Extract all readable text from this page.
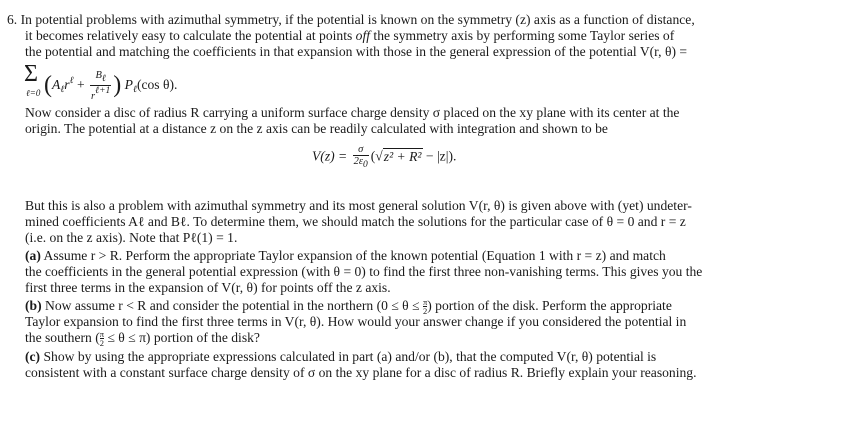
6. In potential problems with azimuthal symmetry, if the potential is known on the symmetry (z) axis as a function of distance,
it becomes relatively easy to calculate the potential at points off the symmetry axis by performing some Taylor series of
the potential and matching the coefficients in that expansion with those in the general expression of the potential V(r, θ) =
Σ
ℓ=0 ($A_\ell r^\ell + \frac{\text{Bℓ}}{\text{rℓ+1}}$ ) $P_\ell(\cos$ θ).
Now consider a disc of radius R carrying a uniform surface charge density σ placed on the xy plane with its center at the
origin. The potential at a distance z on the z axis can be readily calculated with integration and shown to be
$V(z) = \frac{\sigma}{2\varepsilon 0} (√z^2 + R^2 - |z|)$.
But this is also a problem with azimuthal symmetry and its most general solution V(r, θ) is given above with (yet) undeter-
mined coefficients Aℓ and Bℓ. To determine them, we should match the solutions for the particular case of θ = 0 and r = z
(i.e. on the z axis). Note that Pℓ(1) = 1.
(a) Assume r > R. Perform the appropriate Taylor expansion of the known potential (Equation 1 with r = z) and match
the coefficients in the general potential expression (with θ = 0) to find the first three non-vanishing terms. This gives you the
first three terms in the expansion of V(r, θ) for points off the z axis.
(b) Now assume r < R and consider the potential in the northern ($0 \le \theta \le \frac{\pi}{2}$ ) portion of the disk. Perform the appropriate
Taylor expansion to find the first three terms in V(r, θ). How would your answer change if you considered the potential in
the southern ( $\frac{\pi}{2} \le \theta \le \pi$) portion of the disk?
(c) Show by using the appropriate expressions calculated in part (a) and/or (b), that the computed V(r, θ) potential is
consistent with a constant surface charge density of σ on the xy plane for a disc of radius R. Briefly explain your reasoning.
